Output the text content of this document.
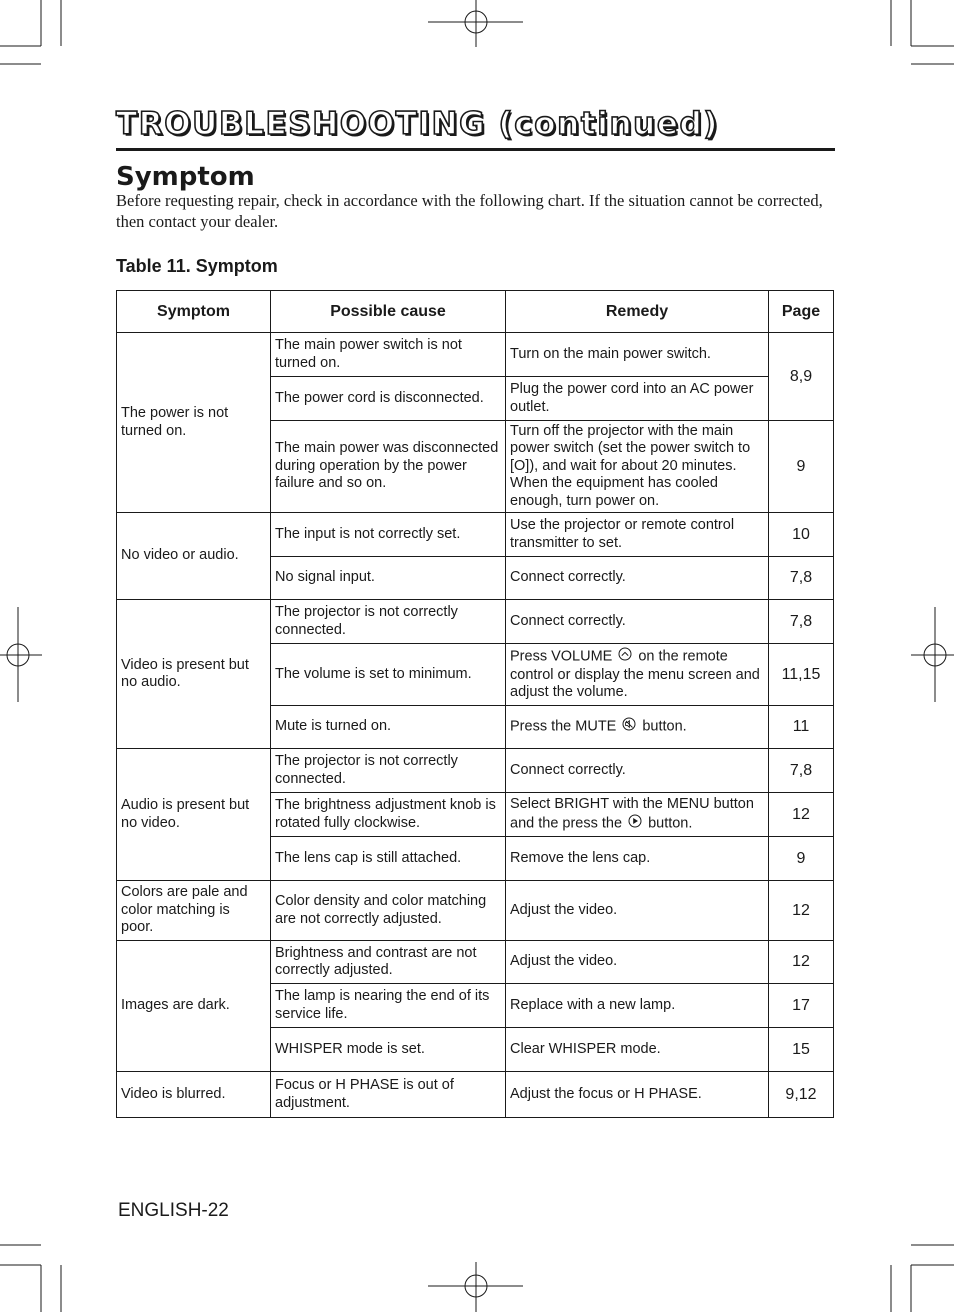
TROUBLESHOOTING (continued)
Symptom

Before requesting repair, check in accordance with the following chart. If the situation cannot be corrected, then contact your dealer.

Table 11. Symptom

Symptom	Possible cause	Remedy	Page
The power is not turned on.	The main power switch is not turned on.	Turn on the main power switch.	8,9
	The power cord is disconnected.	Plug the power cord into an AC power outlet.	
	The main power was disconnected during operation by the power failure and so on.	Turn off the projector with the main power switch (set the power switch to [O]), and wait for about 20 minutes. When the equipment has cooled enough, turn power on.	9
No video or audio.	The input is not correctly set.	Use the projector or remote control transmitter to set.	10
	No signal input.	Connect correctly.	7,8
Video is present but no audio.	The projector is not correctly connected.	Connect correctly.	7,8
	The volume is set to minimum.	Press VOLUME on the remote control or display the menu screen and adjust the volume.	11,15
	Mute is turned on.	Press the MUTE button.	11
Audio is present but no video.	The projector is not correctly connected.	Connect correctly.	7,8
	The brightness adjustment knob is rotated fully clockwise.	Select BRIGHT with the MENU button and the press the button.	12
	The lens cap is still attached.	Remove the lens cap.	9
Colors are pale and color matching is poor.	Color density and color matching are not correctly adjusted.	Adjust the video.	12
Images are dark.	Brightness and contrast are not correctly adjusted.	Adjust the video.	12
	The lamp is nearing the end of its service life.	Replace with a new lamp.	17
	WHISPER mode is set.	Clear WHISPER mode.	15
Video is blurred.	Focus or H PHASE is out of adjustment.	Adjust the focus or H PHASE.	9,12

ENGLISH-22
